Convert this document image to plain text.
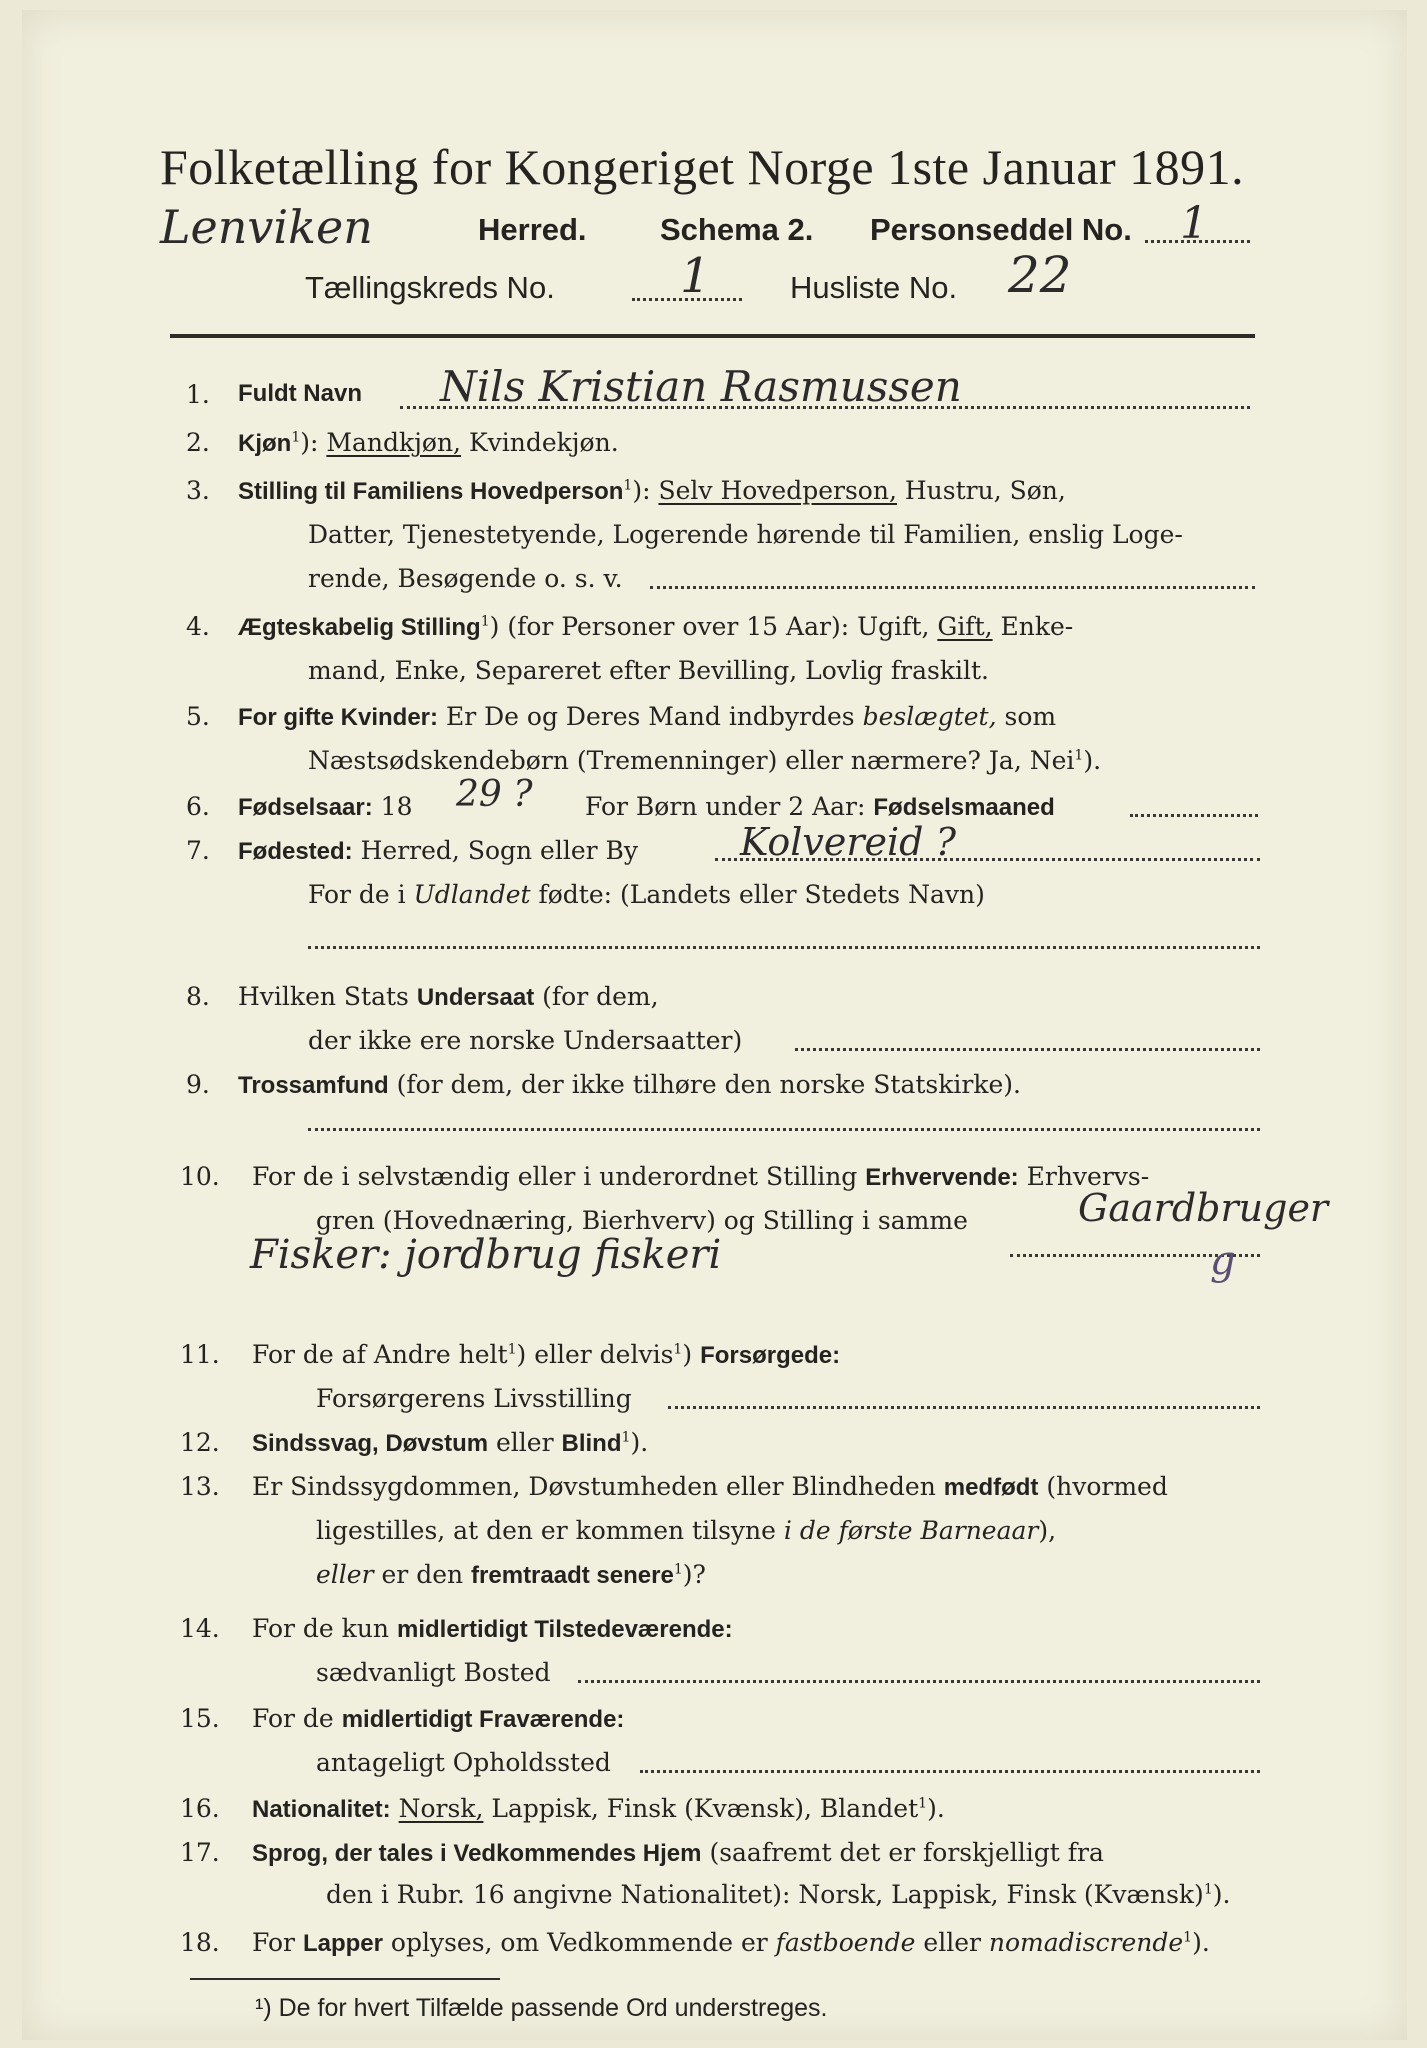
Folketælling for Kongeriget Norge 1ste Januar 1891.
Lenviken	Herred. Schema 2. Personseddel No. 1
Tællingskreds No.	1	Husliste No. 22
1. Fuldt Navn Nils Kristian Rasmussen
2. Kjøn$^1$): Mandkjøn, Kvindekjøn.
3. Stilling til Familiens Hovedperson$^1$): Selv Hovedperson, Hustru, Søn,
Datter, Tjenestetyende, Logerende hørende til Familien, enslig Loge-
rende, Besøgende o. s. v.
4. Ægteskabelig Stilling$^1$) (for Personer over 15 Aar): Ugift, Gift, Enke-
mand, Enke, Separeret efter Bevilling, Lovlig fraskilt.
5. For gifte Kvinder: Er De og Deres Mand indbyrdes beslægtet, som
Næstsødskendebørn (Tremenninger) eller nærmere? Ja, Nei$^1$).
6. Fødselsaar: 18 29 ? For Børn under 2 Aar: Fødselsmaaned
7. Fødested: Herred, Sogn eller By	Kolvereid ?
For de i Udlandet fødte: (Landets eller Stedets Navn)
8. Hvilken Stats Undersaat (for dem,
der ikke ere norske Undersaatter)
9. Trossamfund (for dem, der ikke tilhøre den norske Statskirke).
10. For de i selvstændig eller i underordnet Stilling Erhvervende: Erhvervs-
gren (Hovednæring, Bierhverv) og Stilling i samme	Gaardbruger
Fisker: jordbrug fiskeri	g
11. For de af Andre helt$^1$) eller delvis$^1$) Forsørgede:
Forsørgerens Livsstilling
12. Sindssvag, Døvstum eller Blind$^1$).
13. Er Sindssygdommen, Døvstumheden eller Blindheden medfødt (hvormed
ligestilles, at den er kommen tilsyne i de første Barneaar),
eller er den fremtraadt senere$^1$)?
14. For de kun midlertidigt Tilstedeværende:
sædvanligt Bosted
15. For de midlertidigt Fraværende:
antageligt Opholdssted
16. Nationalitet: Norsk, Lappisk, Finsk (Kvænsk), Blandet$^1$).
17. Sprog, der tales i Vedkommendes Hjem (saafremt det er forskjelligt fra
den i Rubr. 16 angivne Nationalitet): Norsk, Lappisk, Finsk (Kvænsk)$^1$).
18. For Lapper oplyses, om Vedkommende er fastboende eller nomadiscrende$^1$).
¹) De for hvert Tilfælde passende Ord understreges.
